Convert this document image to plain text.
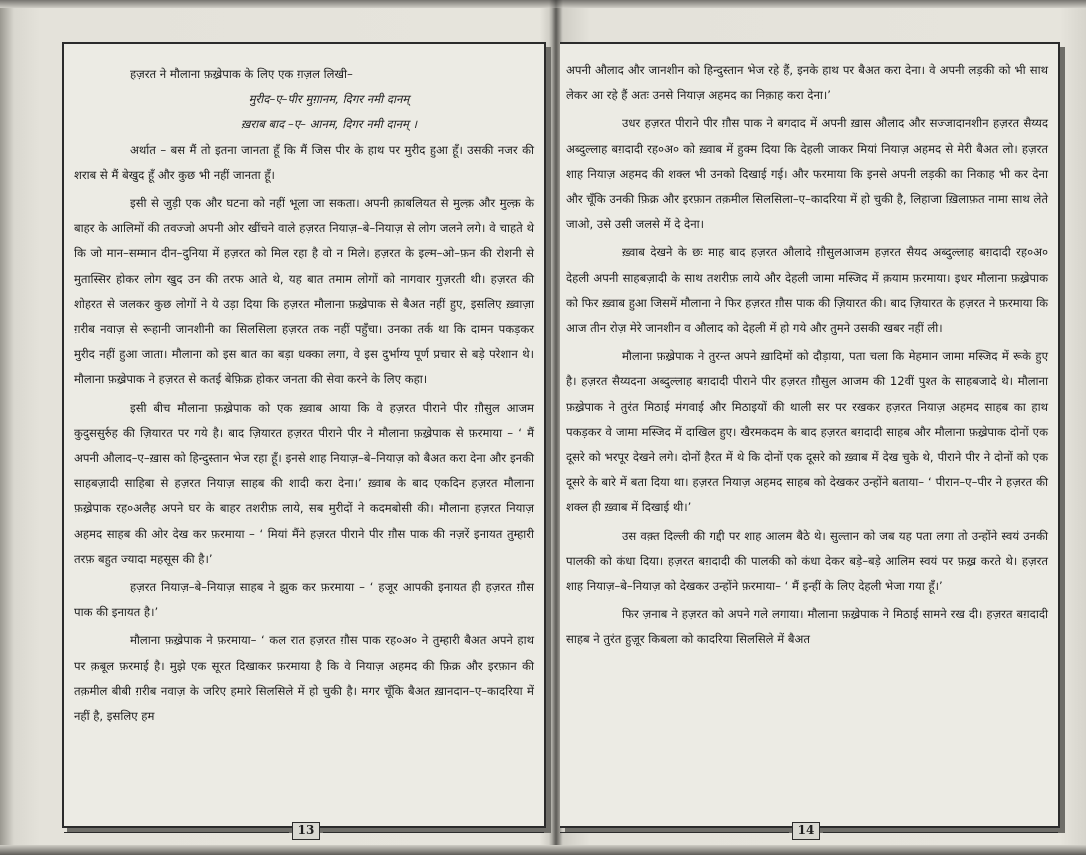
हज़रत ने मौलाना फ़ख़्रेपाक के लिए एक ग़ज़ल लिखी–

मुरीद–ए–पीर मुग़ानम, दिगर नमी दानम्

ख़राब बाद –ए– आनम, दिगर नमी दानम् ।

अर्थात – बस मैं तो इतना जानता हूँ कि मैं जिस पीर के हाथ पर मुरीद हुआ हूँ। उसकी नजर की शराब से मैं बेखुद हूँ और कुछ भी नहीं जानता हूँ।

इसी से जुड़ी एक और घटना को नहीं भूला जा सकता। अपनी क़ाबलियत से मुल्क़ और मुल्क़ के बाहर के आलिमों की तवज्जो अपनी ओर खींचने वाले हज़रत नियाज़–बे–नियाज़ से लोग जलने लगे। वे चाहते थे कि जो मान–सम्मान दीन–दुनिया में हज़रत को मिल रहा है वो न मिले। हज़रत के इल्म–ओ–फ़न की रोशनी से मुतास्सिर होकर लोग खुद उन की तरफ आते थे, यह बात तमाम लोगों को नागवार गुज़रती थी। हज़रत की शोहरत से जलकर कुछ लोगों ने ये उड़ा दिया कि हज़रत मौलाना फ़ख़्रेपाक से बैअत नहीं हुए, इसलिए ख़्वाज़ा ग़रीब नवाज़ से रूहानी जानशीनी का सिलसिला हज़रत तक नहीं पहुँचा। उनका तर्क था कि दामन पकड़कर मुरीद नहीं हुआ जाता। मौलाना को इस बात का बड़ा धक्का लगा, वे इस दुर्भाग्य पूर्ण प्रचार से बड़े परेशान थे। मौलाना फ़ख़्रेपाक ने हज़रत से कतई बेफ़िक्र होकर जनता की सेवा करने के लिए कहा।

इसी बीच मौलाना फ़ख़्रेपाक को एक ख़्वाब आया कि वे हज़रत पीराने पीर ग़ौसुल आजम कुदुससुर्रुह की ज़ियारत पर गये है। बाद ज़ियारत हज़रत पीराने पीर ने मौलाना फ़ख़्रेपाक से फ़रमाया – ‘ मैं अपनी औलाद–ए–ख़ास को हिन्दुस्तान भेज रहा हूँ। इनसे शाह नियाज़–बे–नियाज़ को बैअत करा देना और इनकी साहबज़ादी साहिबा से हज़रत नियाज़ साहब की शादी करा देना।’ ख़्वाब के बाद एकदिन हज़रत मौलाना फ़ख़्रेपाक रह०अलैह अपने घर के बाहर तशरीफ़ लाये, सब मुरीदों ने कदमबोसी की। मौलाना हज़रत नियाज़ अहमद साहब की ओर देख कर फ़रमाया – ‘ मियां मैंने हज़रत पीराने पीर ग़ौस पाक की नज़रें इनायत तुम्हारी तरफ़ बहुत ज्यादा महसूस की है।’

हज़रत नियाज़–बे–नियाज़ साहब ने झुक कर फ़रमाया – ‘ हजूर आपकी इनायत ही हज़रत ग़ौस पाक की इनायत है।’

मौलाना फ़ख़्रेपाक ने फ़रमाया– ‘ कल रात हज़रत ग़ौस पाक रह०अ० ने तुम्हारी बैअत अपने हाथ पर क़बूल फ़रमाई है। मुझे एक सूरत दिखाकर फ़रमाया है कि वे नियाज़ अहमद की फ़िक्र और इरफ़ान की तक़मील बीबी ग़रीब नवाज़ के जरिए हमारे सिलसिले में हो चुकी है। मगर चूँकि बैअत ख़ानदान–ए–कादरिया में नहीं है, इसलिए हम

13

अपनी औलाद और जानशीन को हिन्दुस्तान भेज रहे हैं, इनके हाथ पर बैअत करा देना। वे अपनी लड़की को भी साथ लेकर आ रहे हैं अतः उनसे नियाज़ अहमद का निक़ाह करा देना।’

उधर हज़रत पीराने पीर ग़ौस पाक ने बगदाद में अपनी ख़ास औलाद और सज्जादानशीन हज़रत सैय्यद अब्दुल्लाह बग़दादी रह०अ० को ख़्वाब में हुक्म दिया कि देहली जाकर मियां नियाज़ अहमद से मेरी बैअत लो। हज़रत शाह नियाज़ अहमद की शक्ल भी उनको दिखाई गई। और फरमाया कि इनसे अपनी लड़की का निकाह भी कर देना और चूँकि उनकी फ़िक्र और इरफ़ान तक़मील सिलसिला–ए–कादरिया में हो चुकी है, लिहाजा ख़िलाफ़त नामा साथ लेते जाओ, उसे उसी जलसे में दे देना।

ख़्वाब देखने के छः माह बाद हज़रत औलादे ग़ौसुलआजम हज़रत सैयद अब्दुल्लाह बग़दादी रह०अ० देहली अपनी साहबज़ादी के साथ तशरीफ़ लाये और देहली जामा मस्जिद में क़याम फ़रमाया। इधर मौलाना फ़ख़्रेपाक को फिर ख़्वाब हुआ जिसमें मौलाना ने फिर हज़रत ग़ौस पाक की ज़ियारत की। बाद ज़ियारत के हज़रत ने फ़रमाया कि आज तीन रोज़ मेरे जानशीन व औलाद को देहली में हो गये और तुमने उसकी खबर नहीं ली।

मौलाना फ़ख़्रेपाक ने तुरन्त अपने ख़ादिमों को दौड़ाया, पता चला कि मेहमान जामा मस्जिद में रूके हुए है। हज़रत सैय्यदना अब्दुल्लाह बग़दादी पीराने पीर हज़रत ग़ौसुल आजम की 12वीं पुश्त के साहबजादे थे। मौलाना फ़ख़्रेपाक ने तुरंत मिठाई मंगवाई और मिठाइयों की थाली सर पर रखकर हज़रत नियाज़ अहमद साहब का हाथ पकड़कर वे जामा मस्जिद में दाखिल हुए। खैरमकदम के बाद हज़रत बग़दादी साहब और मौलाना फ़ख़्रेपाक दोनों एक दूसरे को भरपूर देखने लगे। दोनों हैरत में थे कि दोनों एक दूसरे को ख़्वाब में देख चुके थे, पीराने पीर ने दोनों को एक दूसरे के बारे में बता दिया था। हज़रत नियाज़ अहमद साहब को देखकर उन्होंने बताया– ‘ पीरान–ए–पीर ने हज़रत की शक्ल ही ख़्वाब में दिखाई थी।’

उस वक़्त दिल्ली की गद्दी पर शाह आलम बैठे थे। सुल्तान को जब यह पता लगा तो उन्होंने स्वयं उनकी पालकी को कंधा दिया। हज़रत बग़दादी की पालकी को कंधा देकर बड़े–बड़े आलिम स्वयं पर फ़ख़्र करते थे। हज़रत शाह नियाज़–बे–नियाज़ को देखकर उन्होंने फ़रमाया– ‘ मैं इन्हीं के लिए देहली भेजा गया हूँ।’

फिर ज़नाब ने हज़रत को अपने गले लगाया। मौलाना फ़ख़्रेपाक ने मिठाई सामने रख दी। हज़रत बग़दादी साहब ने तुरंत हुज़ूर किबला को कादरिया सिलसिले में बैअत

14
